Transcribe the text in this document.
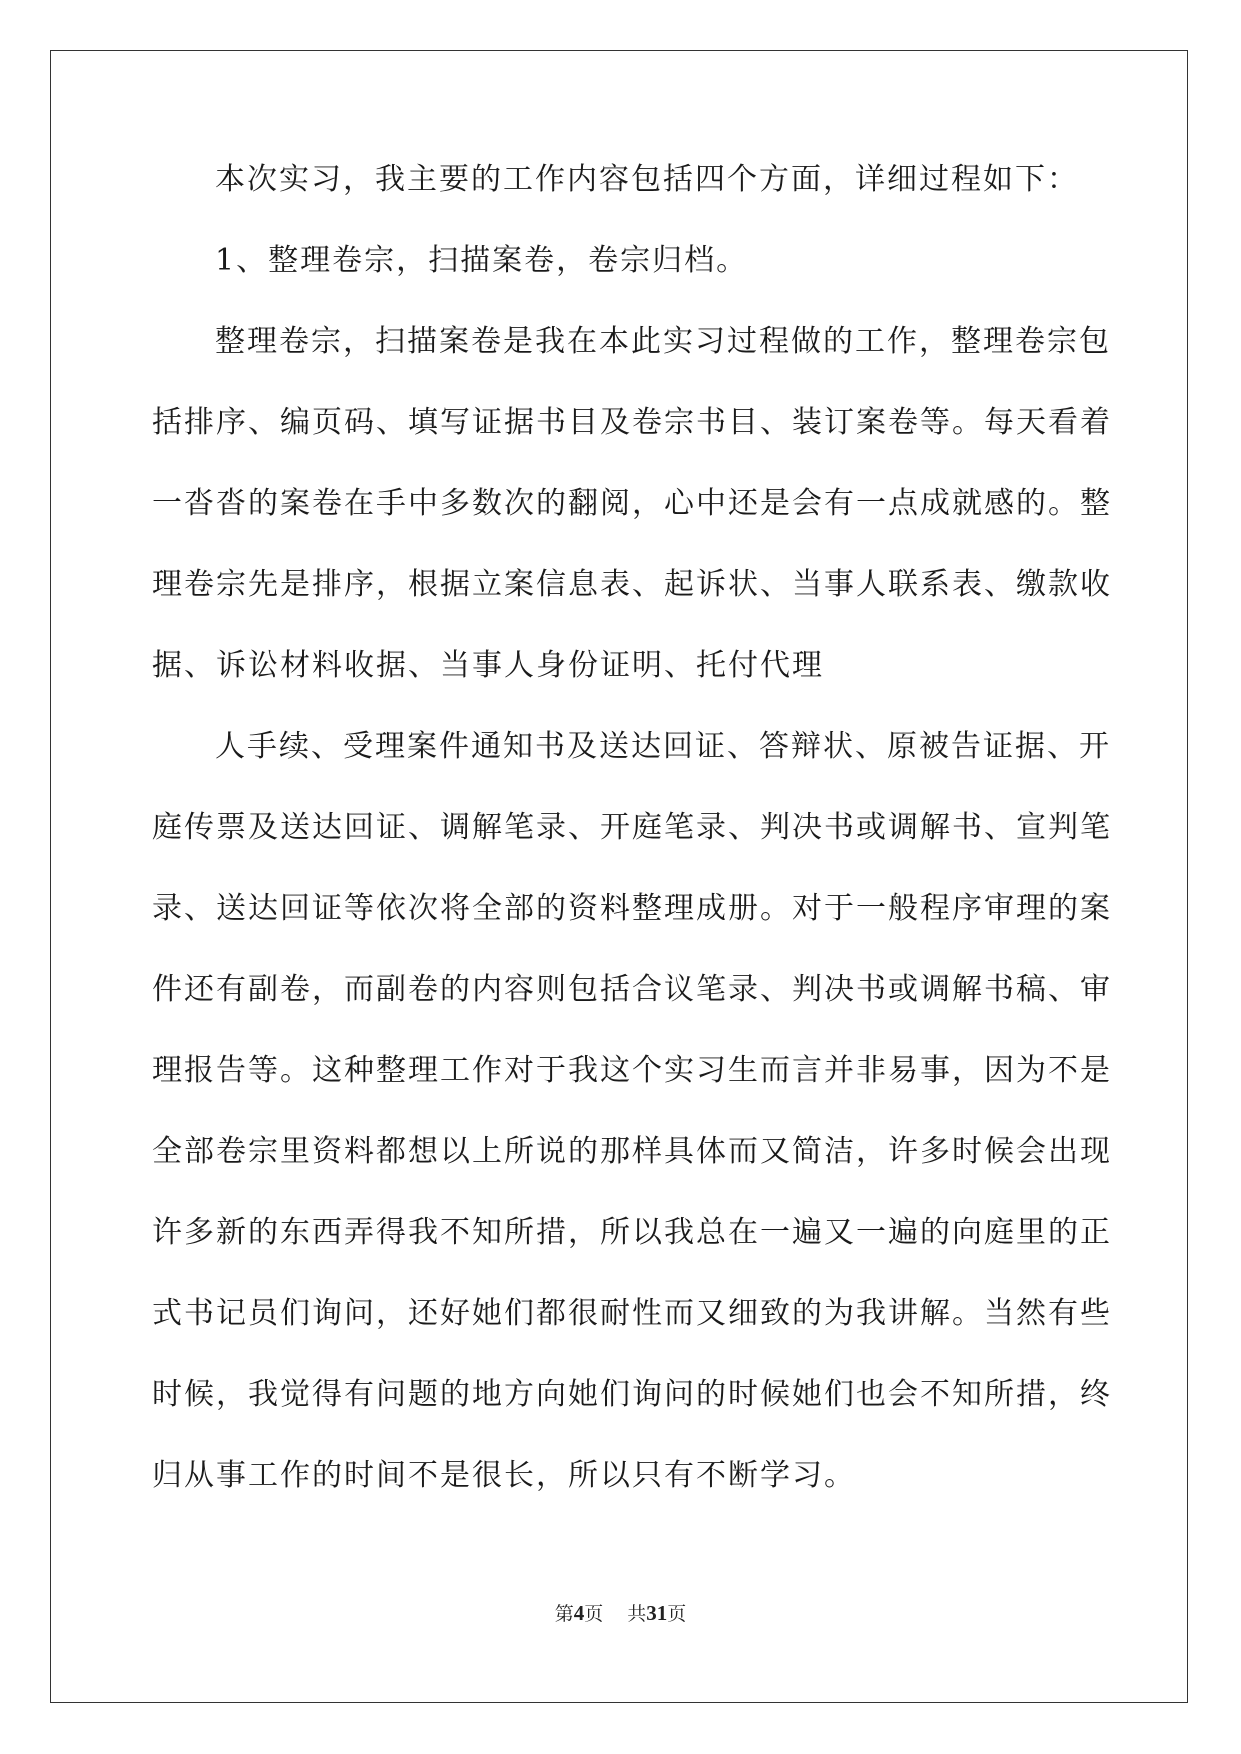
本次实习，我主要的工作内容包括四个方面，详细过程如下：
1、整理卷宗，扫描案卷，卷宗归档。
整理卷宗，扫描案卷是我在本此实习过程做的工作，整理卷宗包
括排序、编页码、填写证据书目及卷宗书目、装订案卷等。每天看着
一沓沓的案卷在手中多数次的翻阅，心中还是会有一点成就感的。整
理卷宗先是排序，根据立案信息表、起诉状、当事人联系表、缴款收
据、诉讼材料收据、当事人身份证明、托付代理
人手续、受理案件通知书及送达回证、答辩状、原被告证据、开
庭传票及送达回证、调解笔录、开庭笔录、判决书或调解书、宣判笔
录、送达回证等依次将全部的资料整理成册。对于一般程序审理的案
件还有副卷，而副卷的内容则包括合议笔录、判决书或调解书稿、审
理报告等。这种整理工作对于我这个实习生而言并非易事，因为不是
全部卷宗里资料都想以上所说的那样具体而又简洁，许多时候会出现
许多新的东西弄得我不知所措，所以我总在一遍又一遍的向庭里的正
式书记员们询问，还好她们都很耐性而又细致的为我讲解。当然有些
时候，我觉得有问题的地方向她们询问的时候她们也会不知所措，终
归从事工作的时间不是很长，所以只有不断学习。
第4页 共31页
